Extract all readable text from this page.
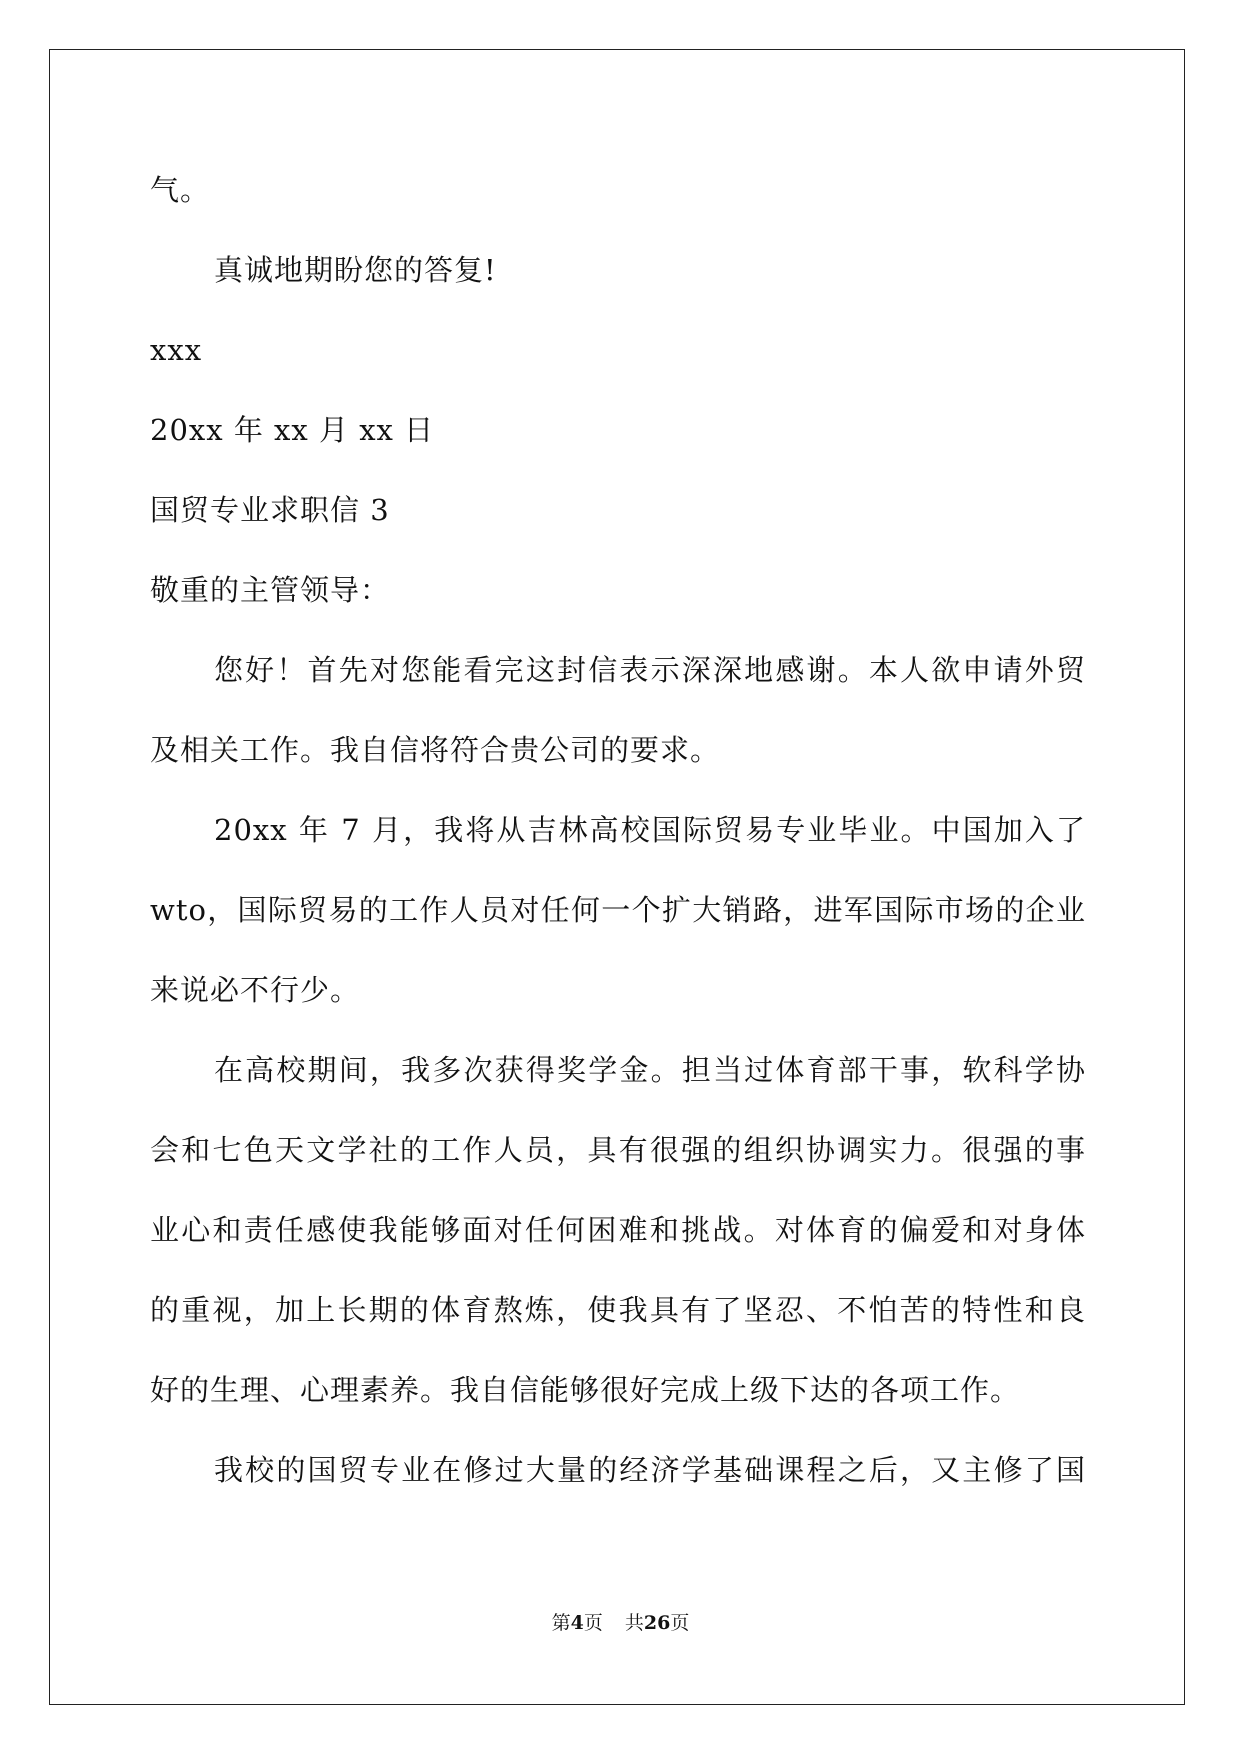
气。
真诚地期盼您的答复!
xxx
20xx 年 xx 月 xx 日
国贸专业求职信 3
敬重的主管领导：
您好！首先对您能看完这封信表示深深地感谢。本人欲申请外贸
及相关工作。我自信将符合贵公司的要求。
20xx 年 7 月，我将从吉林高校国际贸易专业毕业。中国加入了
wto，国际贸易的工作人员对任何一个扩大销路，进军国际市场的企业
来说必不行少。
在高校期间，我多次获得奖学金。担当过体育部干事，软科学协
会和七色天文学社的工作人员，具有很强的组织协调实力。很强的事
业心和责任感使我能够面对任何困难和挑战。对体育的偏爱和对身体
的重视，加上长期的体育熬炼，使我具有了坚忍、不怕苦的特性和良
好的生理、心理素养。我自信能够很好完成上级下达的各项工作。
我校的国贸专业在修过大量的经济学基础课程之后，又主修了国
第4页 共26页
